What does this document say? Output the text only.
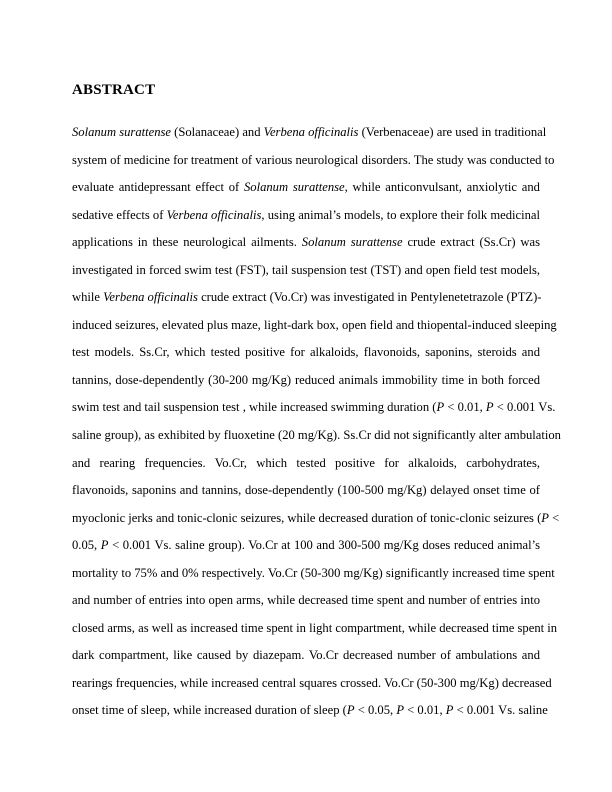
ABSTRACT
Solanum surattense (Solanaceae) and Verbena officinalis (Verbenaceae) are used in traditional
system of medicine for treatment of various neurological disorders. The study was conducted to
evaluate antidepressant effect of Solanum surattense, while anticonvulsant, anxiolytic and
sedative effects of Verbena officinalis, using animal’s models, to explore their folk medicinal
applications in these neurological ailments. Solanum surattense crude extract (Ss.Cr) was
investigated in forced swim test (FST), tail suspension test (TST) and open field test models,
while Verbena officinalis crude extract (Vo.Cr) was investigated in Pentylenetetrazole (PTZ)-
induced seizures, elevated plus maze, light-dark box, open field and thiopental-induced sleeping
test models. Ss.Cr, which tested positive for alkaloids, flavonoids, saponins, steroids and
tannins, dose-dependently (30-200 mg/Kg) reduced animals immobility time in both forced
swim test and tail suspension test , while increased swimming duration (P < 0.01, P < 0.001 Vs.
saline group), as exhibited by fluoxetine (20 mg/Kg). Ss.Cr did not significantly alter ambulation
and rearing frequencies. Vo.Cr, which tested positive for alkaloids, carbohydrates,
flavonoids, saponins and tannins, dose-dependently (100-500 mg/Kg) delayed onset time of
myoclonic jerks and tonic-clonic seizures, while decreased duration of tonic-clonic seizures (P <
0.05, P < 0.001 Vs. saline group). Vo.Cr at 100 and 300-500 mg/Kg doses reduced animal’s
mortality to 75% and 0% respectively. Vo.Cr (50-300 mg/Kg) significantly increased time spent
and number of entries into open arms, while decreased time spent and number of entries into
closed arms, as well as increased time spent in light compartment, while decreased time spent in
dark compartment, like caused by diazepam. Vo.Cr decreased number of ambulations and
rearings frequencies, while increased central squares crossed. Vo.Cr (50-300 mg/Kg) decreased
onset time of sleep, while increased duration of sleep (P < 0.05, P < 0.01, P < 0.001 Vs. saline
